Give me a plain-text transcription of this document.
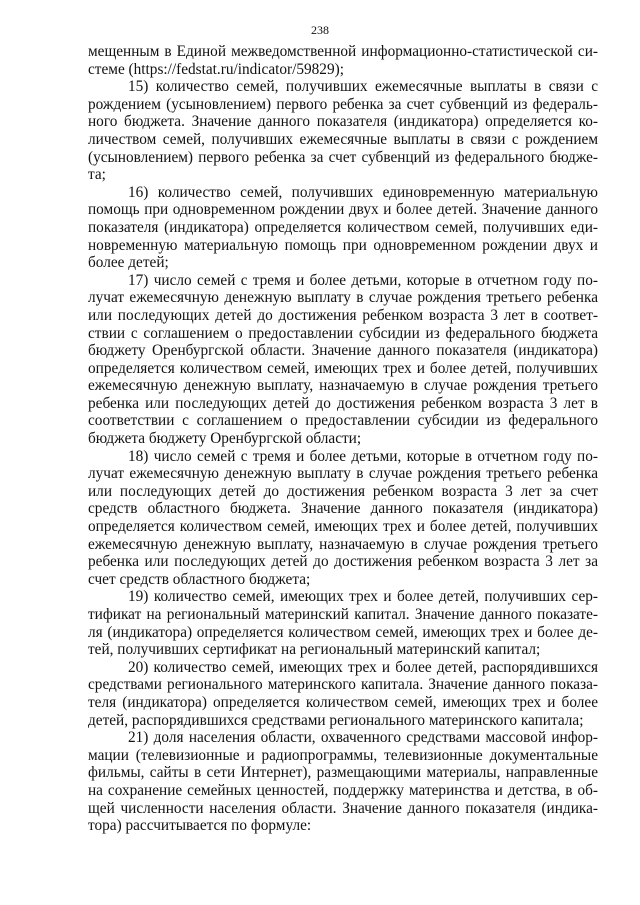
238

мещенным в Единой межведомственной информационно-статистической си-
стеме (https://fedstat.ru/indicator/59829);

15) количество семей, получивших ежемесячные выплаты в связи с
рождением (усыновлением) первого ребенка за счет субвенций из федераль-
ного бюджета. Значение данного показателя (индикатора) определяется ко-
личеством семей, получивших ежемесячные выплаты в связи с рождением
(усыновлением) первого ребенка за счет субвенций из федерального бюдже-
та;

16) количество семей, получивших единовременную материальную
помощь при одновременном рождении двух и более детей. Значение данного
показателя (индикатора) определяется количеством семей, получивших еди-
новременную материальную помощь при одновременном рождении двух и
более детей;

17) число семей с тремя и более детьми, которые в отчетном году по-
лучат ежемесячную денежную выплату в случае рождения третьего ребенка
или последующих детей до достижения ребенком возраста 3 лет в соответ-
ствии с соглашением о предоставлении субсидии из федерального бюджета
бюджету Оренбургской области. Значение данного показателя (индикатора)
определяется количеством семей, имеющих трех и более детей, получивших
ежемесячную денежную выплату, назначаемую в случае рождения третьего
ребенка или последующих детей до достижения ребенком возраста 3 лет в
соответствии с соглашением о предоставлении субсидии из федерального
бюджета бюджету Оренбургской области;

18) число семей с тремя и более детьми, которые в отчетном году по-
лучат ежемесячную денежную выплату в случае рождения третьего ребенка
или последующих детей до достижения ребенком возраста 3 лет за счет
средств областного бюджета. Значение данного показателя (индикатора)
определяется количеством семей, имеющих трех и более детей, получивших
ежемесячную денежную выплату, назначаемую в случае рождения третьего
ребенка или последующих детей до достижения ребенком возраста 3 лет за
счет средств областного бюджета;

19) количество семей, имеющих трех и более детей, получивших сер-
тификат на региональный материнский капитал. Значение данного показате-
ля (индикатора) определяется количеством семей, имеющих трех и более де-
тей, получивших сертификат на региональный материнский капитал;

20) количество семей, имеющих трех и более детей, распорядившихся
средствами регионального материнского капитала. Значение данного показа-
теля (индикатора) определяется количеством семей, имеющих трех и более
детей, распорядившихся средствами регионального материнского капитала;

21) доля населения области, охваченного средствами массовой инфор-
мации (телевизионные и радиопрограммы, телевизионные документальные
фильмы, сайты в сети Интернет), размещающими материалы, направленные
на сохранение семейных ценностей, поддержку материнства и детства, в об-
щей численности населения области. Значение данного показателя (индика-
тора) рассчитывается по формуле:
